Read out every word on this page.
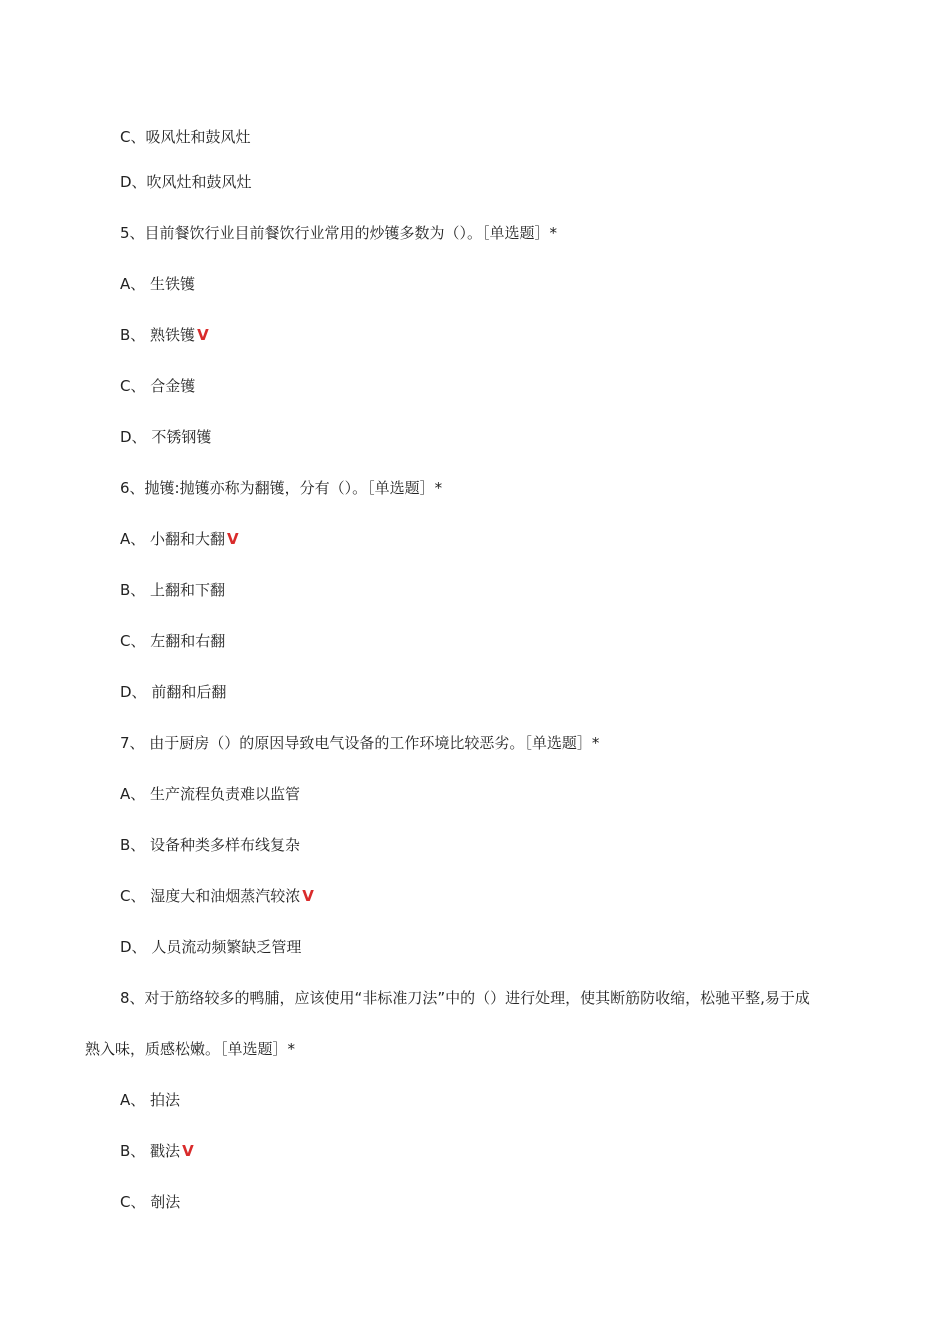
C、吸风灶和鼓风灶
D、吹风灶和鼓风灶
5、目前餐饮行业目前餐饮行业常用的炒镬多数为（）。［单选题］*
A、 生铁镬
B、 熟铁镬 V
C、 合金镬
D、 不锈钢镬
6、抛镬:抛镬亦称为翻镬，分有（）。［单选题］*
A、 小翻和大翻 V
B、 上翻和下翻
C、 左翻和右翻
D、 前翻和后翻
7、 由于厨房（）的原因导致电气设备的工作环境比较恶劣。［单选题］*
A、 生产流程负责难以监管
B、 设备种类多样布线复杂
C、 湿度大和油烟蒸汽较浓 V
D、 人员流动频繁缺乏管理
8、对于筋络较多的鸭脯，应该使用“非标准刀法”中的（）进行处理，使其断筋防收缩，松驰平整,易于成
熟入味，质感松嫩。［单选题］*
A、 拍法
B、 戳法 V
C、 剞法
